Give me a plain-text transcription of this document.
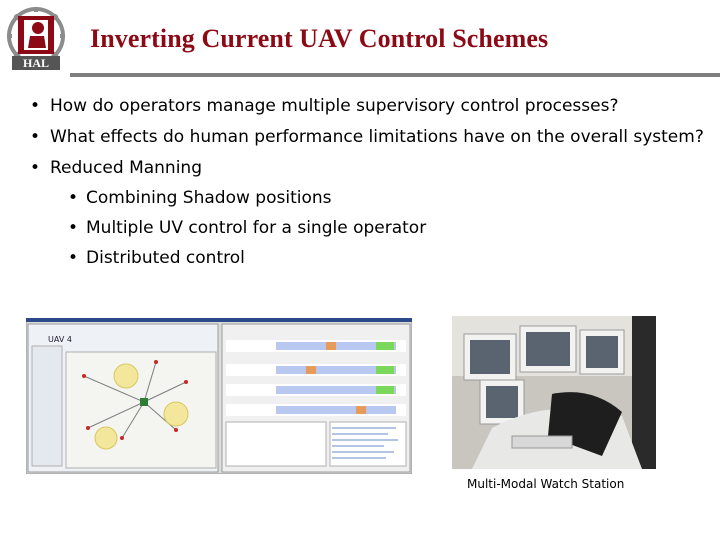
HAL
Inverting Current UAV Control Schemes
• How do operators manage multiple supervisory control processes?
• What effects do human performance limitations have on the overall system?
• Reduced Manning
• Combining Shadow positions
• Multiple UV control for a single operator
• Distributed control
UAV 4
Multi-Modal Watch Station
